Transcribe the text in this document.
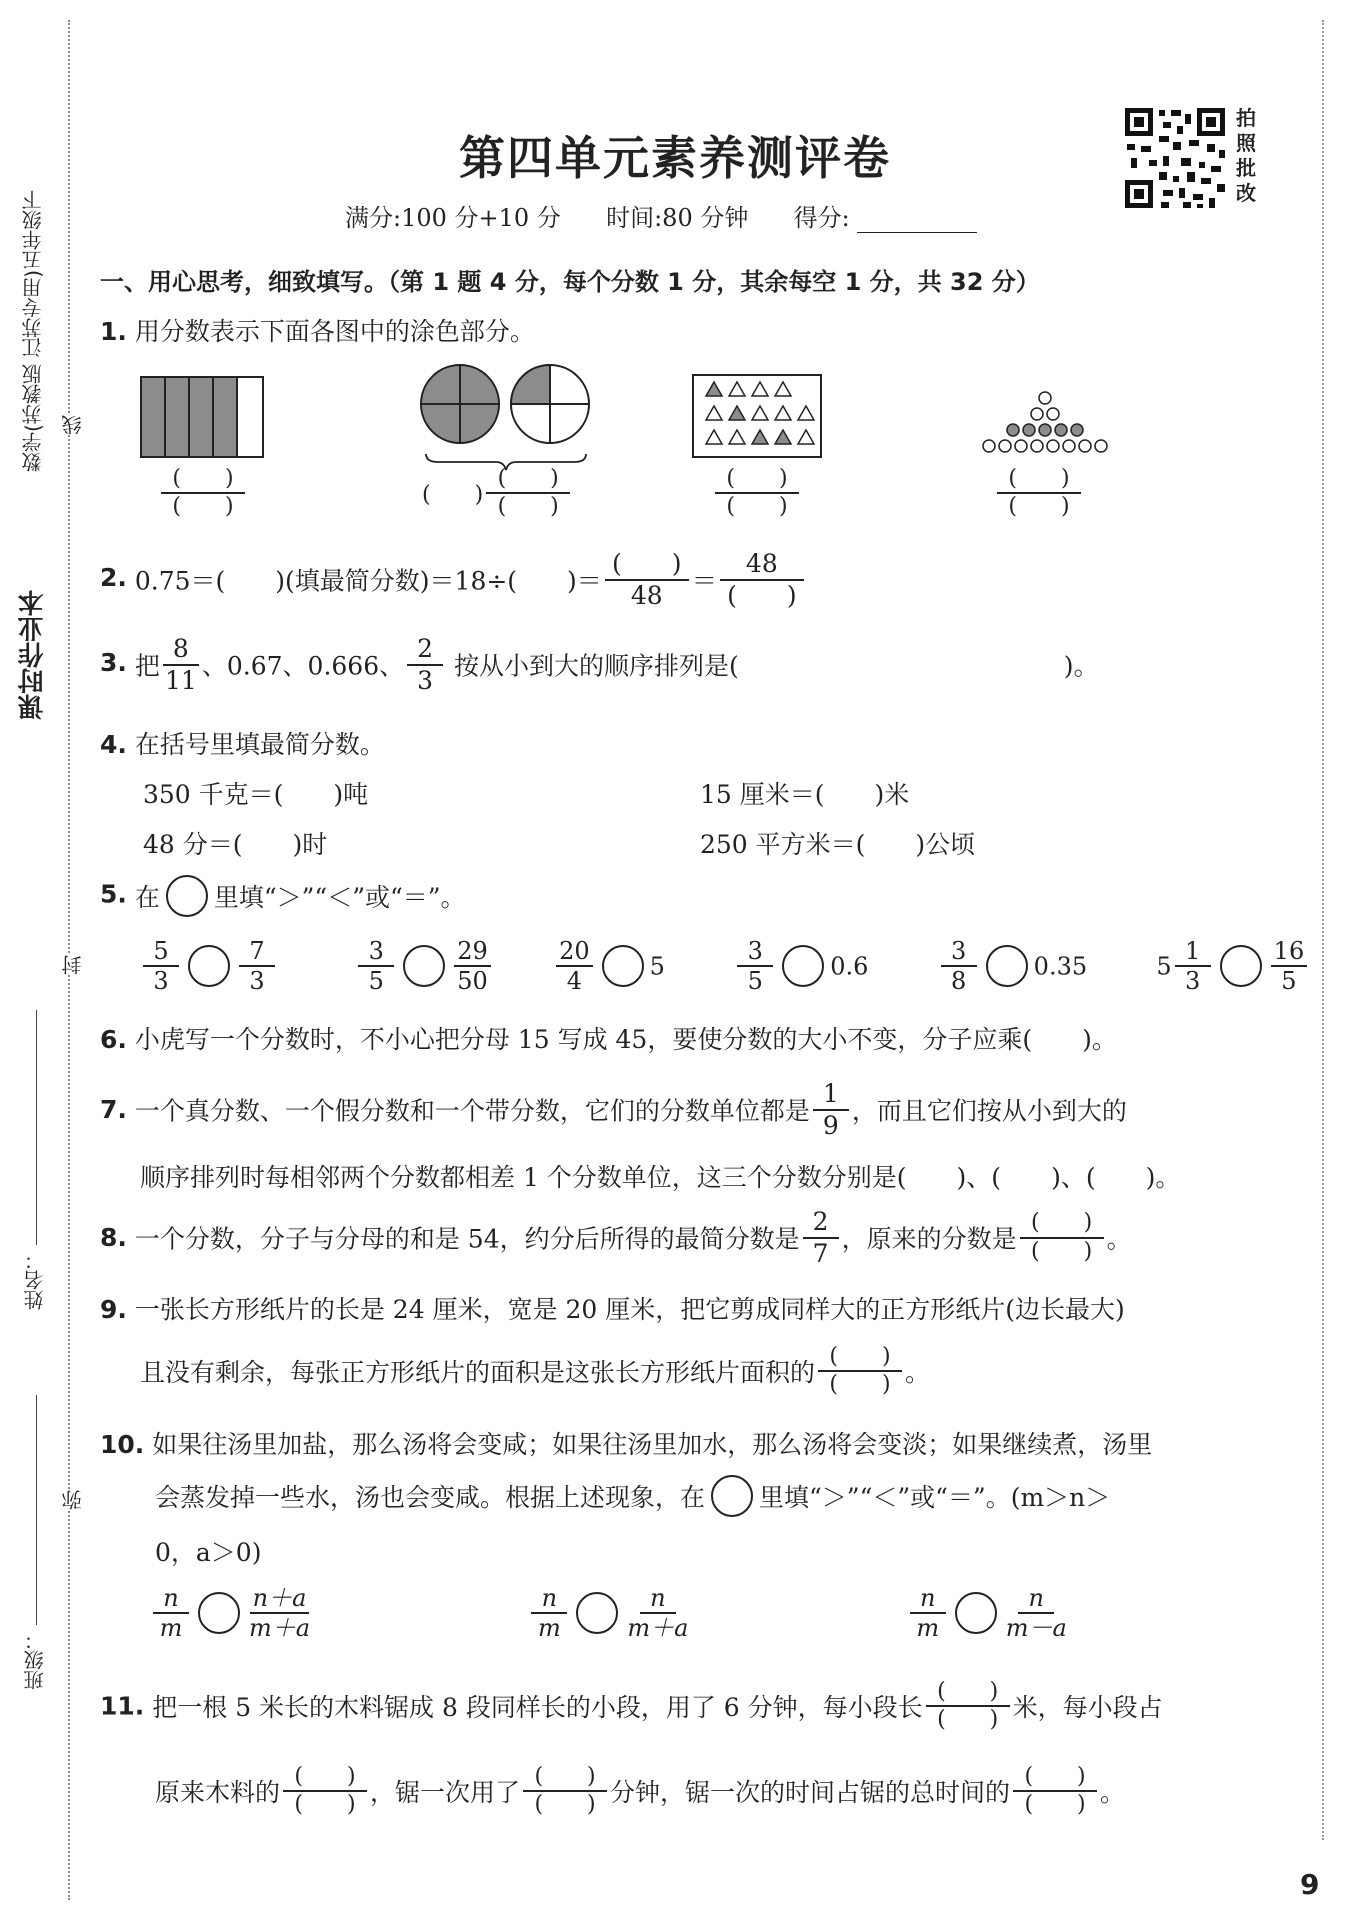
课时作业本
数学(苏教版 江苏专用)五年级下 线
封
弥
姓名：
班级：
第四单元素养测评卷
满分:100 分+10 分 时间:80 分钟 得分:
拍
照
批
改
一、用心思考，细致填写。（第 1 题 4 分，每个分数 1 分，其余每空 1 分，共 32 分）
1. 用分数表示下面各图中的涂色部分。
$\frac{( )}{( )}$	(　　) $\frac{( )}{( )}$	$\frac{( )}{( )}$	$\frac{( )}{( )}$
2. 0.75＝(　　)(填最简分数)＝18÷(　　)＝ $\frac{( )}{48} = \frac{48}{( )}$
3. 把 $\frac{8}{11}$ 、0.67、0.666、 $\frac{2}{3}$ 按从小到大的顺序排列是(　　　　　　　　　　　　　)。
4. 在括号里填最简分数。
350 千克＝(　　)吨	15 厘米＝(　　)米
48 分＝(　　)时	250 平方米＝(　　)公顷
5. 在 里填“＞”“＜”或“＝”。
$\frac{5}{3}$	$\frac{7}{3}$
	$\frac{3}{5}$	$\frac{29}{50}$
	$\frac{20}{4} 5$	$\frac{3}{5} 0.6$	$\frac{3}{8} 0.35$	$5 \frac{1}{3}$	$\frac{16}{5}$
6. 小虎写一个分数时，不小心把分母 15 写成 45，要使分数的大小不变，分子应乘(　　)。
7. 一个真分数、一个假分数和一个带分数，它们的分数单位都是 $\frac{1}{9}$ ，而且它们按从小到大的
顺序排列时每相邻两个分数都相差 1 个分数单位，这三个分数分别是(　　)、(　　)、(　　)。
8. 一个分数，分子与分母的和是 54，约分后所得的最简分数是 $\frac{2}{7}$ ，原来的分数是 $\frac{( )}{( )}$ 。
9. 一张长方形纸片的长是 24 厘米，宽是 20 厘米，把它剪成同样大的正方形纸片(边长最大)
且没有剩余，每张正方形纸片的面积是这张长方形纸片面积的 $\frac{( )}{( )}$ 。
10. 如果往汤里加盐，那么汤将会变咸；如果往汤里加水，那么汤将会变淡；如果继续煮，汤里
会蒸发掉一些水，汤也会变咸。根据上述现象，在 里填“＞”“＜”或“＝”。(m＞n＞
0，a＞0)
$\frac{n}{m}$	$\frac{n+a}{m+a}$
	$\frac{n}{m}$	$\frac{n}{m+a}$
	$\frac{n}{m}$	$\frac{n}{m-a}$
11. 把一根 5 米长的木料锯成 8 段同样长的小段，用了 6 分钟，每小段长 $\frac{( )}{( )}$ 米，每小段占
原来木料的 $\frac{( )}{( )}$ ，锯一次用了 $\frac{( )}{( )}$ 分钟，锯一次的时间占锯的总时间的 $\frac{( )}{( )}$ 。
9
